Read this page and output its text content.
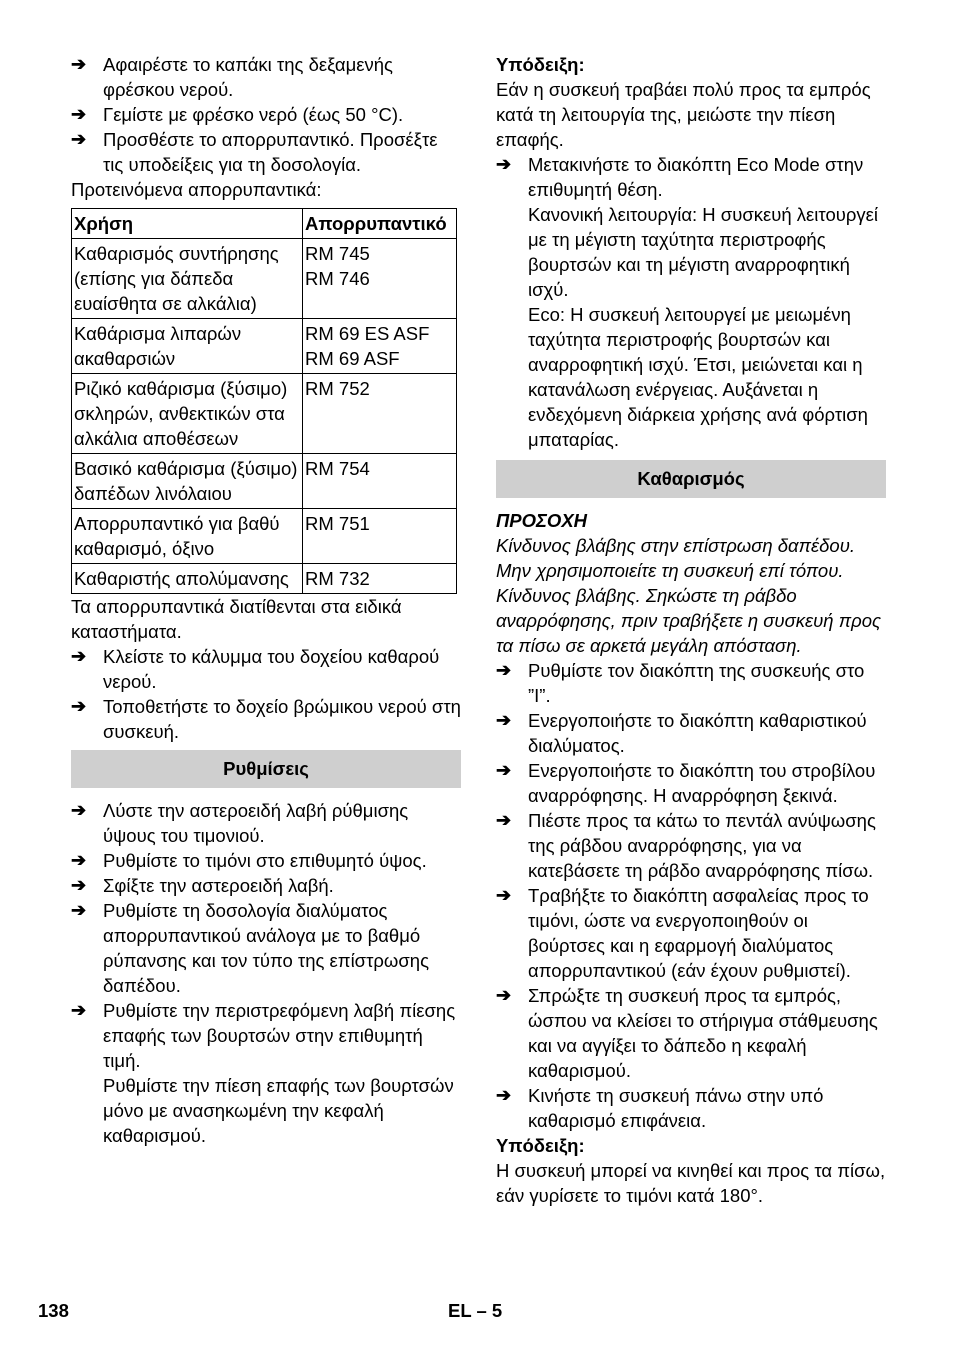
➔ Αφαιρέστε το καπάκι της δεξαμενής φρέσκου νερού.

➔ Γεμίστε με φρέσκο νερό (έως 50 °C).

➔ Προσθέστε το απορρυπαντικό. Προσέξτε τις υποδείξεις για τη δοσολογία.

Προτεινόμενα απορρυπαντικά:

Χρήση	Απορρυπαντικό
Καθαρισμός συντήρησης (επίσης για δάπεδα ευαίσθητα σε αλκάλια)	RM 745
RM 746
Καθάρισμα λιπαρών ακαθαρσιών	RM 69 ES ASF
RM 69 ASF
Ριζικό καθάρισμα (ξύσιμο) σκληρών, ανθεκτικών στα αλκάλια αποθέσεων	RM 752
Βασικό καθάρισμα (ξύσιμο) δαπέδων λινόλαιου	RM 754
Απορρυπαντικό για βαθύ καθαρισμό, όξινο	RM 751
Καθαριστής απολύμανσης	RM 732

Τα απορρυπαντικά διατίθενται στα ειδικά καταστήματα.

➔ Κλείστε το κάλυμμα του δοχείου καθαρού νερού.

➔ Τοποθετήστε το δοχείο βρώμικου νερού στη συσκευή.

Ρυθμίσεις

➔ Λύστε την αστεροειδή λαβή ρύθμισης ύψους του τιμονιού.

➔ Ρυθμίστε το τιμόνι στο επιθυμητό ύψος.

➔ Σφίξτε την αστεροειδή λαβή.

➔ Ρυθμίστε τη δοσολογία διαλύματος απορρυπαντικού ανάλογα με το βαθμό ρύπανσης και τον τύπο της επίστρωσης δαπέδου.

➔ Ρυθμίστε την περιστρεφόμενη λαβή πίεσης επαφής των βουρτσών στην επιθυμητή τιμή.

Ρυθμίστε την πίεση επαφής των βουρτσών μόνο με ανασηκωμένη την κεφαλή καθαρισμού.

Υπόδειξη:

Εάν η συσκευή τραβάει πολύ προς τα εμπρός κατά τη λειτουργία της, μειώστε την πίεση επαφής.

➔ Μετακινήστε το διακόπτη Eco Mode στην επιθυμητή θέση.

Κανονική λειτουργία: Η συσκευή λειτουργεί με τη μέγιστη ταχύτητα περιστροφής βουρτσών και τη μέγιστη αναρροφητική ισχύ.

Eco: Η συσκευή λειτουργεί με μειωμένη ταχύτητα περιστροφής βουρτσών και αναρροφητική ισχύ. Έτσι, μειώνεται και η κατανάλωση ενέργειας. Αυξάνεται η ενδεχόμενη διάρκεια χρήσης ανά φόρτιση μπαταρίας.

Καθαρισμός

ΠΡΟΣΟΧΗ

Κίνδυνος βλάβης στην επίστρωση δαπέδου. Μην χρησιμοποιείτε τη συσκευή επί τόπου.

Κίνδυνος βλάβης. Σηκώστε τη ράβδο αναρρόφησης, πριν τραβήξετε η συσκευή προς τα πίσω σε αρκετά μεγάλη απόσταση.

➔ Ρυθμίστε τον διακόπτη της συσκευής στο ”I”.

➔ Ενεργοποιήστε το διακόπτη καθαριστικού διαλύματος.

➔ Ενεργοποιήστε το διακόπτη του στροβίλου αναρρόφησης. Η αναρρόφηση ξεκινά.

➔ Πιέστε προς τα κάτω το πεντάλ ανύψωσης της ράβδου αναρρόφησης, για να κατεβάσετε τη ράβδο αναρρόφησης πίσω.

➔ Τραβήξτε το διακόπτη ασφαλείας προς το τιμόνι, ώστε να ενεργοποιηθούν οι βούρτσες και η εφαρμογή διαλύματος απορρυπαντικού (εάν έχουν ρυθμιστεί).

➔ Σπρώξτε τη συσκευή προς τα εμπρός, ώσπου να κλείσει το στήριγμα στάθμευσης και να αγγίξει το δάπεδο η κεφαλή καθαρισμού.

➔ Κινήστε τη συσκευή πάνω στην υπό καθαρισμό επιφάνεια.

Υπόδειξη:

Η συσκευή μπορεί να κινηθεί και προς τα πίσω, εάν γυρίσετε το τιμόνι κατά 180°.

138	EL – 5
